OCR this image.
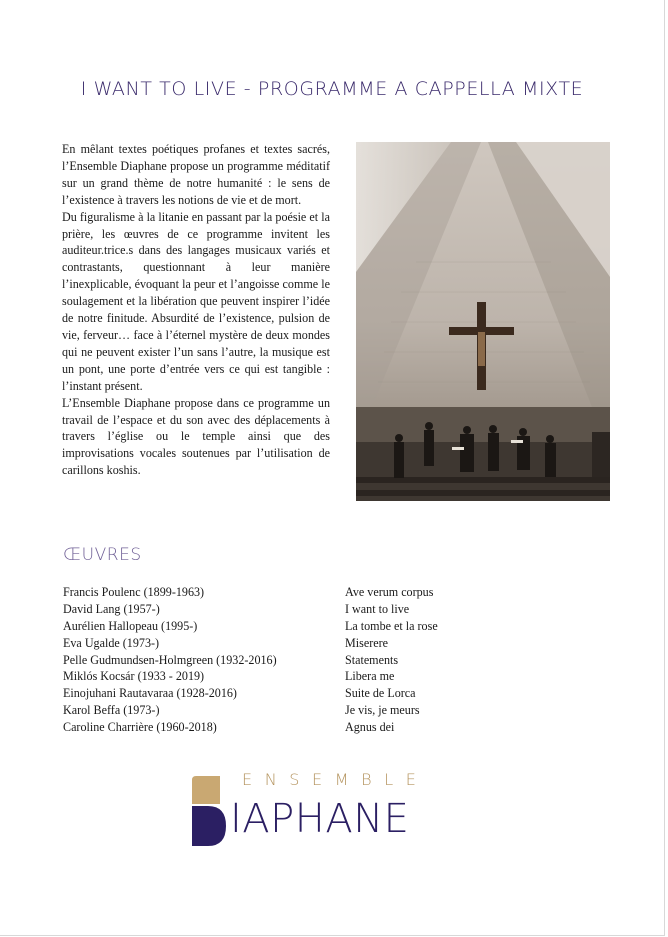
I WANT TO LIVE - PROGRAMME A CAPPELLA MIXTE

En mêlant textes poétiques profanes et textes sacrés, l’Ensemble Diaphane propose un programme méditatif sur un grand thème de notre humanité : le sens de l’existence à travers les notions de vie et de mort.

Du figuralisme à la litanie en passant par la poésie et la prière, les œuvres de ce programme invitent les auditeur.trice.s dans des langages musicaux variés et contrastants, questionnant à leur manière l’inexplicable, évoquant la peur et l’angoisse comme le soulagement et la libération que peuvent inspirer l’idée de notre finitude. Absurdité de l’existence, pulsion de vie, ferveur… face à l’éternel mystère de deux mondes qui ne peuvent exister l’un sans l’autre, la musique est un pont, une porte d’entrée vers ce qui est tangible : l’instant présent.

L’Ensemble Diaphane propose dans ce programme un travail de l’espace et du son avec des déplacements à travers l’église ou le temple ainsi que des improvisations vocales soutenues par l’utilisation de carillons koshis.

ŒUVRES
Francis Poulenc (1899-1963)	Ave verum corpus
David Lang (1957-)	I want to live
Aurélien Hallopeau (1995-)	La tombe et la rose
Eva Ugalde (1973-)	Miserere
Pelle Gudmundsen-Holmgreen (1932-2016)	Statements
Miklós Kocsár (1933 - 2019)	Libera me
Einojuhani Rautavaraa (1928-2016)	Suite de Lorca
Karol Beffa (1973-)	Je vis, je meurs
Caroline Charrière (1960-2018)	Agnus dei
ENSEMBLE
IAPHANE
